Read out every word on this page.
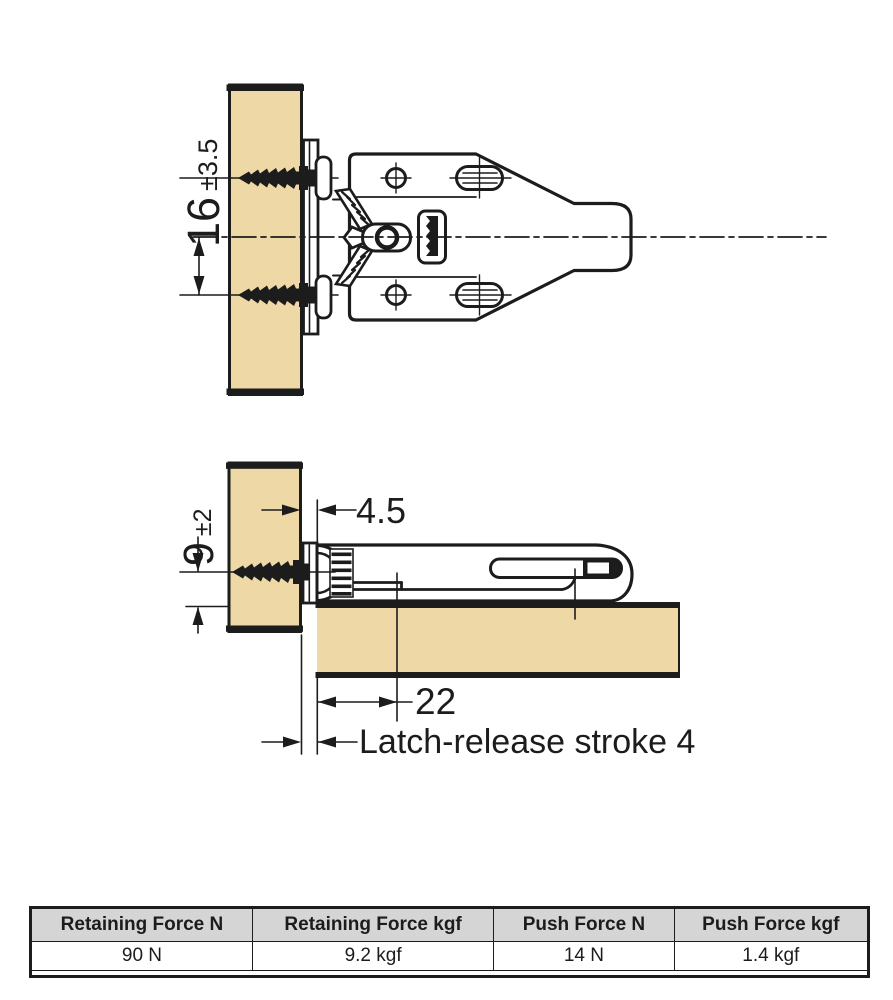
16±3.5
9±2	4.5
22
Latch-release stroke 4
Retaining Force N	Retaining Force kgf	Push Force N	Push Force kgf
90 N	9.2 kgf	14 N	1.4 kgf
